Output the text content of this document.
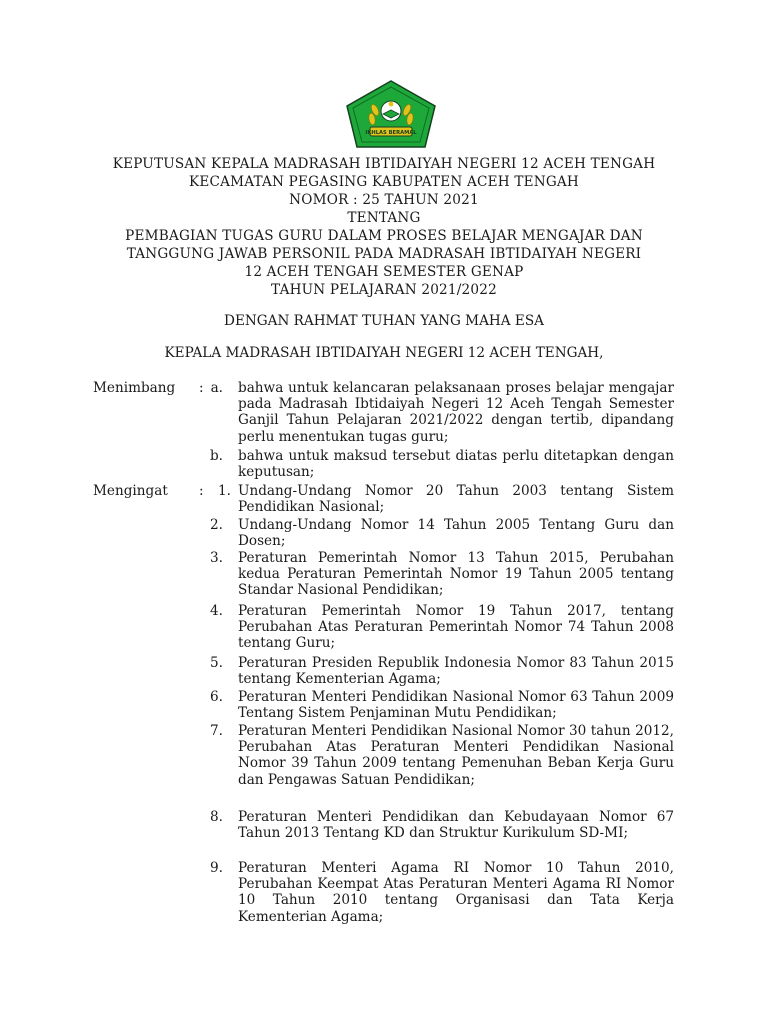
IKHLAS BERAMAL
KEPUTUSAN KEPALA MADRASAH IBTIDAIYAH NEGERI 12 ACEH TENGAH
KECAMATAN PEGASING KABUPATEN ACEH TENGAH
NOMOR : 25 TAHUN 2021
TENTANG
PEMBAGIAN TUGAS GURU DALAM PROSES BELAJAR MENGAJAR DAN
TANGGUNG JAWAB PERSONIL PADA MADRASAH IBTIDAIYAH NEGERI
12 ACEH TENGAH SEMESTER GENAP
TAHUN PELAJARAN 2021/2022
DENGAN RAHMAT TUHAN YANG MAHA ESA
KEPALA MADRASAH IBTIDAIYAH NEGERI 12 ACEH TENGAH,
Menimbang : a. bahwa untuk kelancaran pelaksanaan proses belajar mengajar pada Madrasah Ibtidaiyah Negeri 12 Aceh Tengah Semester Ganjil Tahun Pelajaran 2021/2022 dengan tertib, dipandang perlu menentukan tugas guru;
b. bahwa untuk maksud tersebut diatas perlu ditetapkan dengan keputusan;
Mengingat :	1. Undang-Undang Nomor 20 Tahun 2003 tentang Sistem Pendidikan Nasional;
2. Undang-Undang Nomor 14 Tahun 2005 Tentang Guru dan Dosen;
3. Peraturan Pemerintah Nomor 13 Tahun 2015, Perubahan kedua Peraturan Pemerintah Nomor 19 Tahun 2005 tentang Standar Nasional Pendidikan;
4. Peraturan Pemerintah Nomor 19 Tahun 2017, tentang Perubahan Atas Peraturan Pemerintah Nomor 74 Tahun 2008 tentang Guru;
5. Peraturan Presiden Republik Indonesia Nomor 83 Tahun 2015 tentang Kementerian Agama;
6. Peraturan Menteri Pendidikan Nasional Nomor 63 Tahun 2009 Tentang Sistem Penjaminan Mutu Pendidikan;
7. Peraturan Menteri Pendidikan Nasional Nomor 30 tahun 2012, Perubahan Atas Peraturan Menteri Pendidikan Nasional Nomor 39 Tahun 2009 tentang Pemenuhan Beban Kerja Guru dan Pengawas Satuan Pendidikan;
8. Peraturan Menteri Pendidikan dan Kebudayaan Nomor 67 Tahun 2013 Tentang KD dan Struktur Kurikulum SD-MI;
9. Peraturan Menteri Agama RI Nomor 10 Tahun 2010, Perubahan Keempat Atas Peraturan Menteri Agama RI Nomor 10 Tahun 2010 tentang Organisasi dan Tata Kerja Kementerian Agama;
